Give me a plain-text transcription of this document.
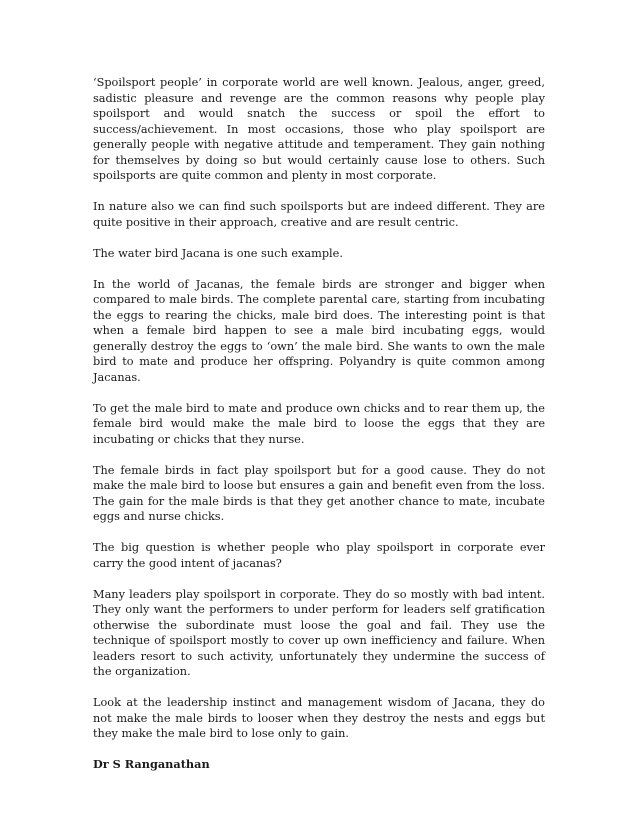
‘Spoilsport people’ in corporate world are well known. Jealous, anger, greed, sadistic pleasure and revenge are the common reasons why people play spoilsport and would snatch the success or spoil the effort to success/achievement. In most occasions, those who play spoilsport are generally people with negative attitude and temperament. They gain nothing for themselves by doing so but would certainly cause lose to others. Such spoilsports are quite common and plenty in most corporate.

In nature also we can find such spoilsports but are indeed different. They are quite positive in their approach, creative and are result centric.

The water bird Jacana is one such example.

In the world of Jacanas, the female birds are stronger and bigger when compared to male birds. The complete parental care, starting from incubating the eggs to rearing the chicks, male bird does. The interesting point is that when a female bird happen to see a male bird incubating eggs, would generally destroy the eggs to ‘own’ the male bird. She wants to own the male bird to mate and produce her offspring. Polyandry is quite common among Jacanas.

To get the male bird to mate and produce own chicks and to rear them up, the female bird would make the male bird to loose the eggs that they are incubating or chicks that they nurse.

The female birds in fact play spoilsport but for a good cause. They do not make the male bird to loose but ensures a gain and benefit even from the loss. The gain for the male birds is that they get another chance to mate, incubate eggs and nurse chicks.

The big question is whether people who play spoilsport in corporate ever carry the good intent of jacanas?

Many leaders play spoilsport in corporate. They do so mostly with bad intent. They only want the performers to under perform for leaders self gratification otherwise the subordinate must loose the goal and fail. They use the technique of spoilsport mostly to cover up own inefficiency and failure. When leaders resort to such activity, unfortunately they undermine the success of the organization.

Look at the leadership instinct and management wisdom of Jacana, they do not make the male birds to looser when they destroy the nests and eggs but they make the male bird to lose only to gain.

Dr S Ranganathan
